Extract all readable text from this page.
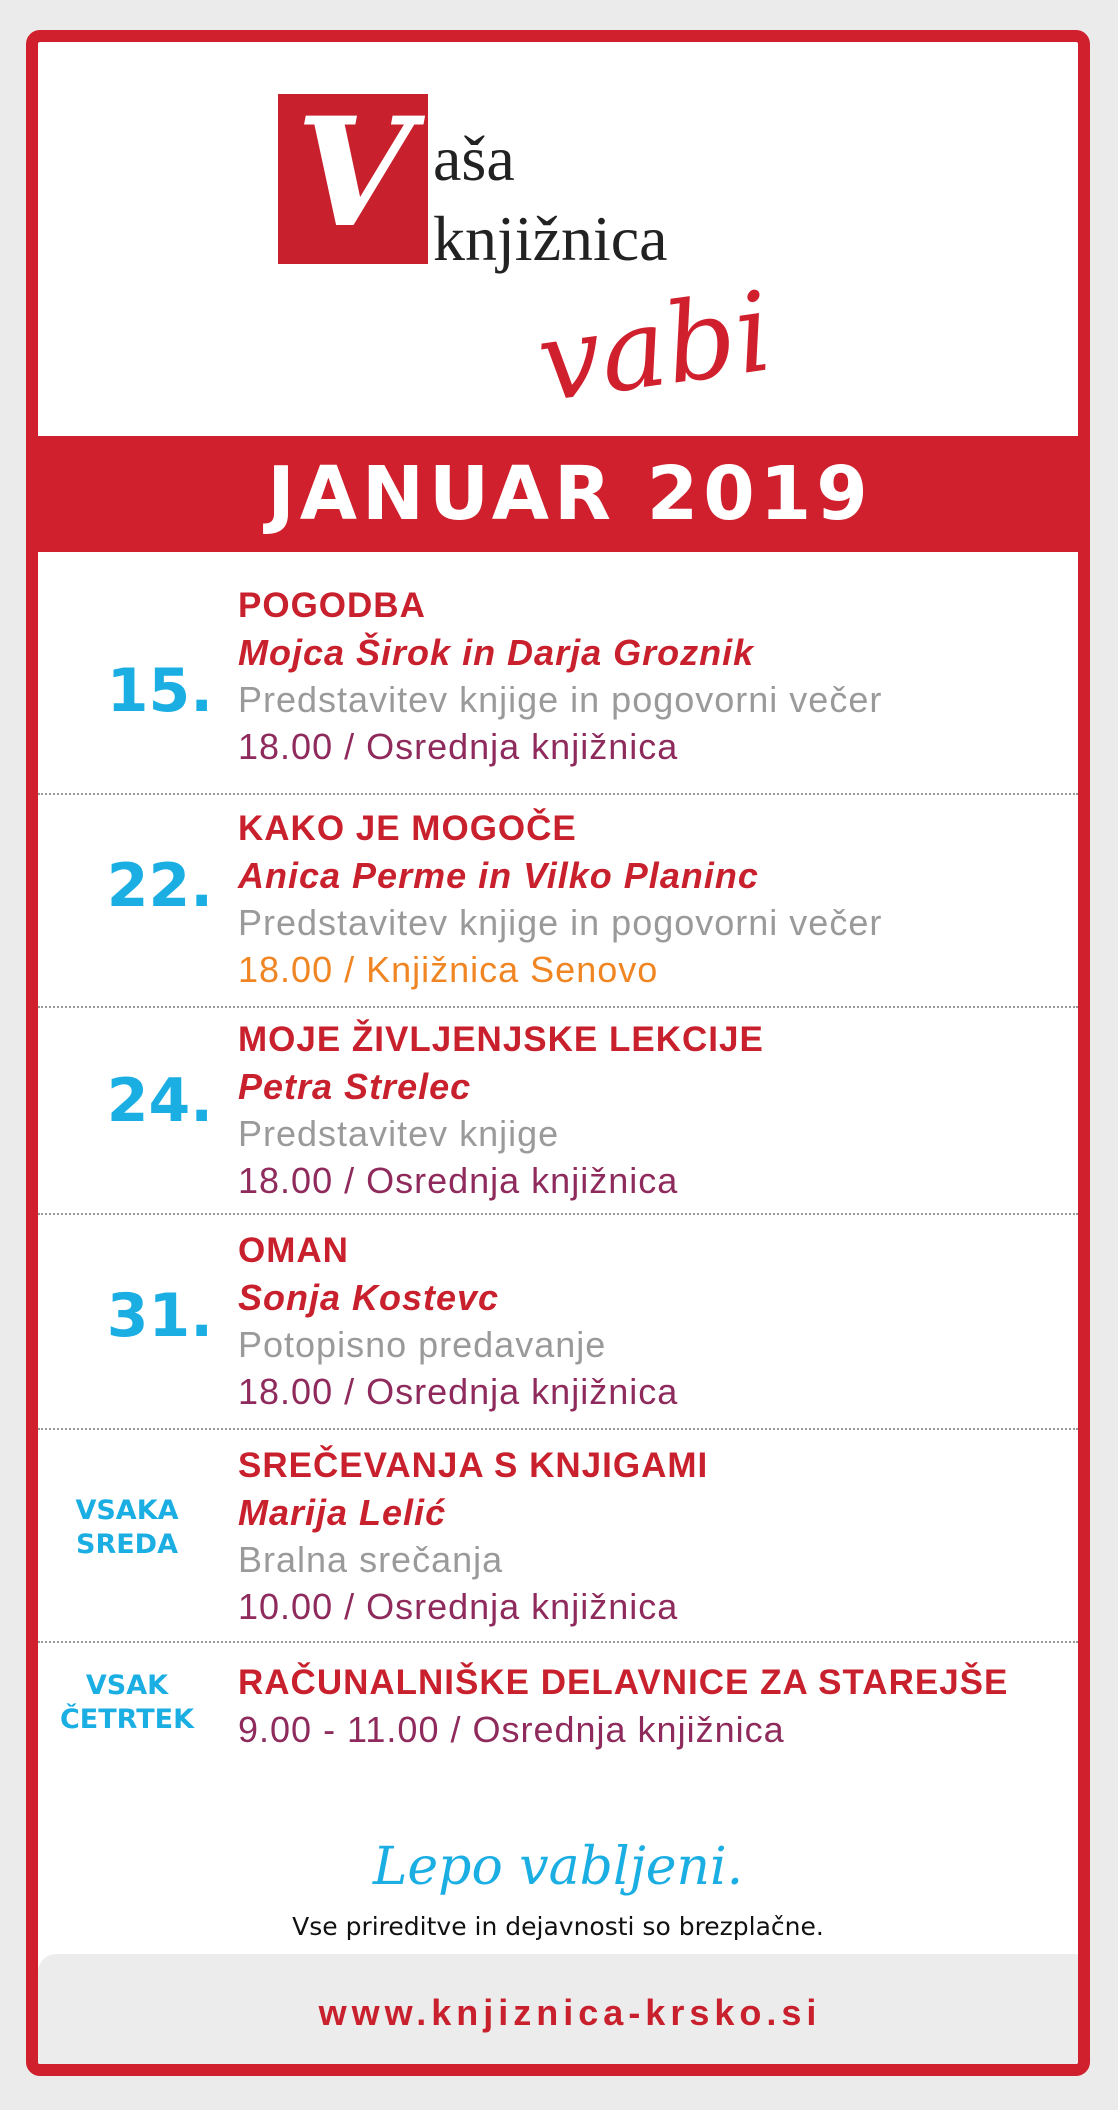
V aša
knjižnica
vabi
JANUAR 2019
15.
POGODBA
Mojca Širok in Darja Groznik
Predstavitev knjige in pogovorni večer
18.00 / Osrednja knjižnica
22.
KAKO JE MOGOČE
Anica Perme in Vilko Planinc
Predstavitev knjige in pogovorni večer
18.00 / Knjižnica Senovo
24.
MOJE ŽIVLJENJSKE LEKCIJE
Petra Strelec
Predstavitev knjige
18.00 / Osrednja knjižnica
31.
OMAN
Sonja Kostevc
Potopisno predavanje
18.00 / Osrednja knjižnica
VSAKA
SREDA
SREČEVANJA S KNJIGAMI
Marija Lelić
Bralna srečanja
10.00 / Osrednja knjižnica
VSAK
ČETRTEK
RAČUNALNIŠKE DELAVNICE ZA STAREJŠE
9.00 - 11.00 / Osrednja knjižnica
Lepo vabljeni.
Vse prireditve in dejavnosti so brezplačne.
www.knjiznica-krsko.si
